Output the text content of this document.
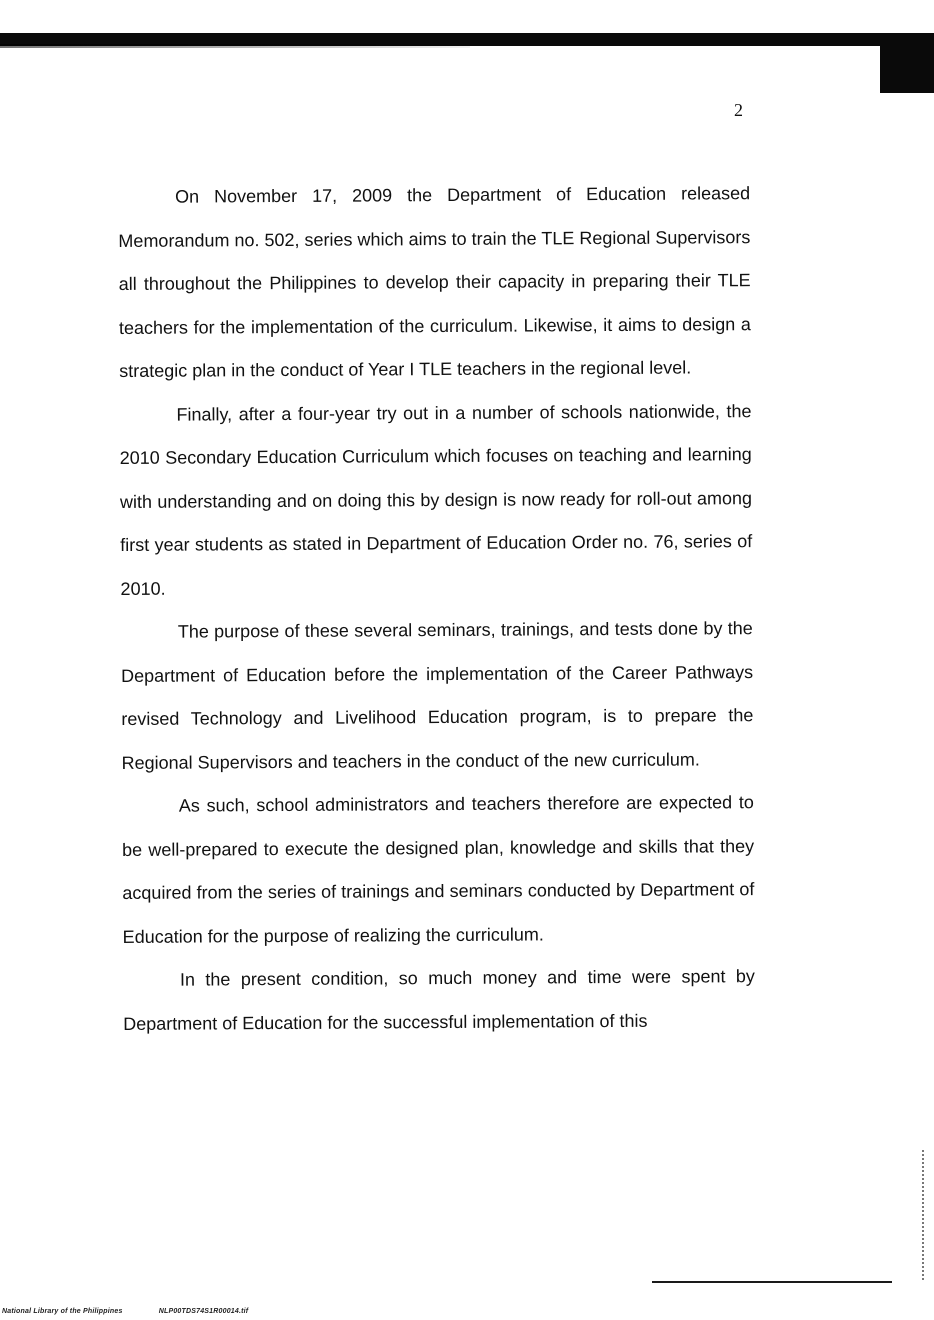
2

On November 17, 2009 the Department of Education released Memorandum no. 502, series which aims to train the TLE Regional Supervisors all throughout the Philippines to develop their capacity in preparing their TLE teachers for the implementation of the curriculum. Likewise, it aims to design a strategic plan in the conduct of Year I TLE teachers in the regional level.

Finally, after a four-year try out in a number of schools nationwide, the 2010 Secondary Education Curriculum which focuses on teaching and learning with understanding and on doing this by design is now ready for roll-out among first year students as stated in Department of Education Order no. 76, series of 2010.

The purpose of these several seminars, trainings, and tests done by the Department of Education before the implementation of the Career Pathways revised Technology and Livelihood Education program, is to prepare the Regional Supervisors and teachers in the conduct of the new curriculum.

As such, school administrators and teachers therefore are expected to be well-prepared to execute the designed plan, knowledge and skills that they acquired from the series of trainings and seminars conducted by Department of Education for the purpose of realizing the curriculum.

In the present condition, so much money and time were spent by Department of Education for the successful implementation of this

National Library of the Philippines	NLP00TDS74S1R00014.tif
